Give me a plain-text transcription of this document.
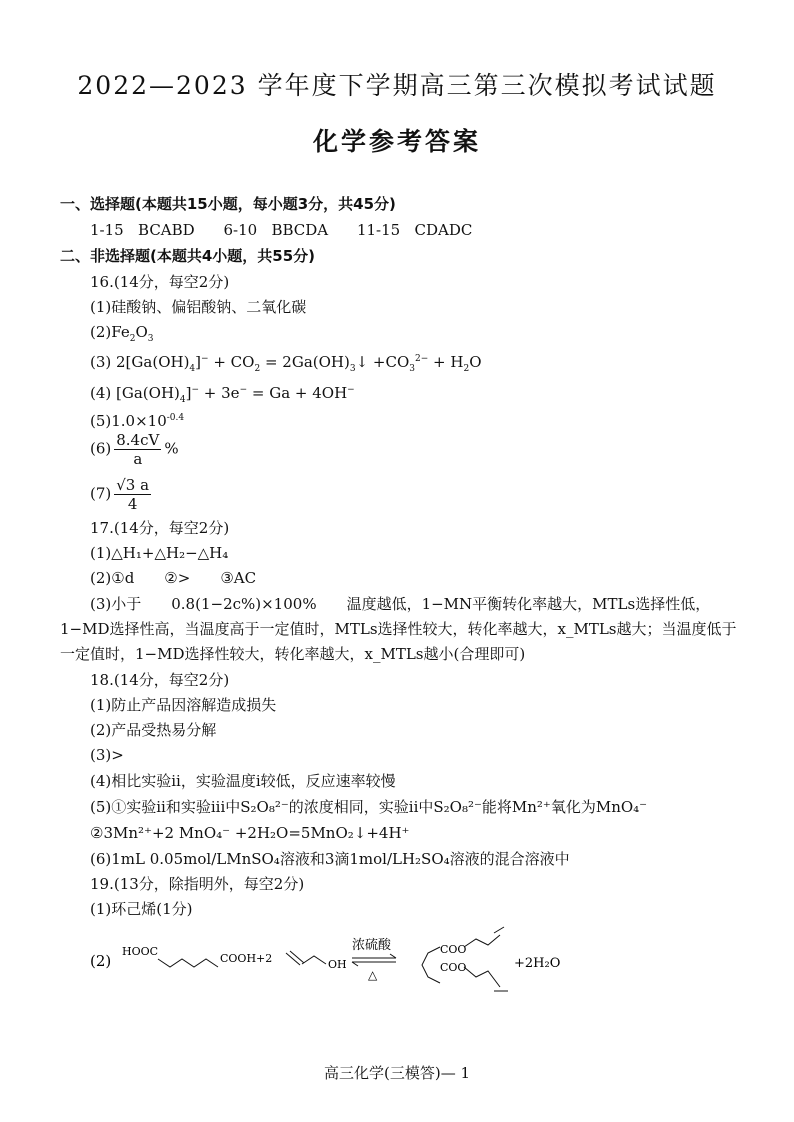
2022—2023 学年度下学期高三第三次模拟考试试题
化学参考答案
一、选择题(本题共15小题，每小题3分，共45分)
1-15 BCABD 6-10 BBCDA 11-15 CDADC
二、非选择题(本题共4小题，共55分)
16.(14分，每空2分)
(1)硅酸钠、偏铝酸钠、二氧化碳
$(2)Fe_2O_3$
(3) $2[Ga(OH)_4]^- + CO_2$ = $2Ga(OH)_3↓ +CO_3^{2-} + H_2O$
(4) $[Ga(OH)_4]^- + 3e^- = Ga + 4OH^-$
$(5)1.0\times 10^{-0.4}$
$(6) \frac{8.4cV}{a}$ %
$(7) \frac{√3 a}{4}$
17.(14分，每空2分)
(1)△H₁+△H₂−△H₄
(2)①d　　②>　　③AC
(3)小于　　0.8(1−2c%)×100%　　温度越低，1−MN平衡转化率越大，MTLs选择性低，
1−MD选择性高，当温度高于一定值时，MTLs选择性较大，转化率越大，x_MTLs越大；当温度低于
一定值时，1−MD选择性较大，转化率越大，x_MTLs越小(合理即可)
18.(14分，每空2分)
(1)防止产品因溶解造成损失
(2)产品受热易分解
(3)>
(4)相比实验ii，实验温度i较低，反应速率较慢
(5)①实验ii和实验iii中S₂O₈²⁻的浓度相同，实验ii中S₂O₈²⁻能将Mn²⁺氧化为MnO₄⁻
②3Mn²⁺+2 MnO₄⁻ +2H₂O=5MnO₂↓+4H⁺
(6)1mL 0.05mol/LMnSO₄溶液和3滴1mol/LH₂SO₄溶液的混合溶液中
19.(13分，除指明外，每空2分)
(1)环己烯(1分)
(2)
HOOC
COOH+2	OH
浓硫酸
△
COO
COO	+2H₂O
高三化学(三模答)— 1
